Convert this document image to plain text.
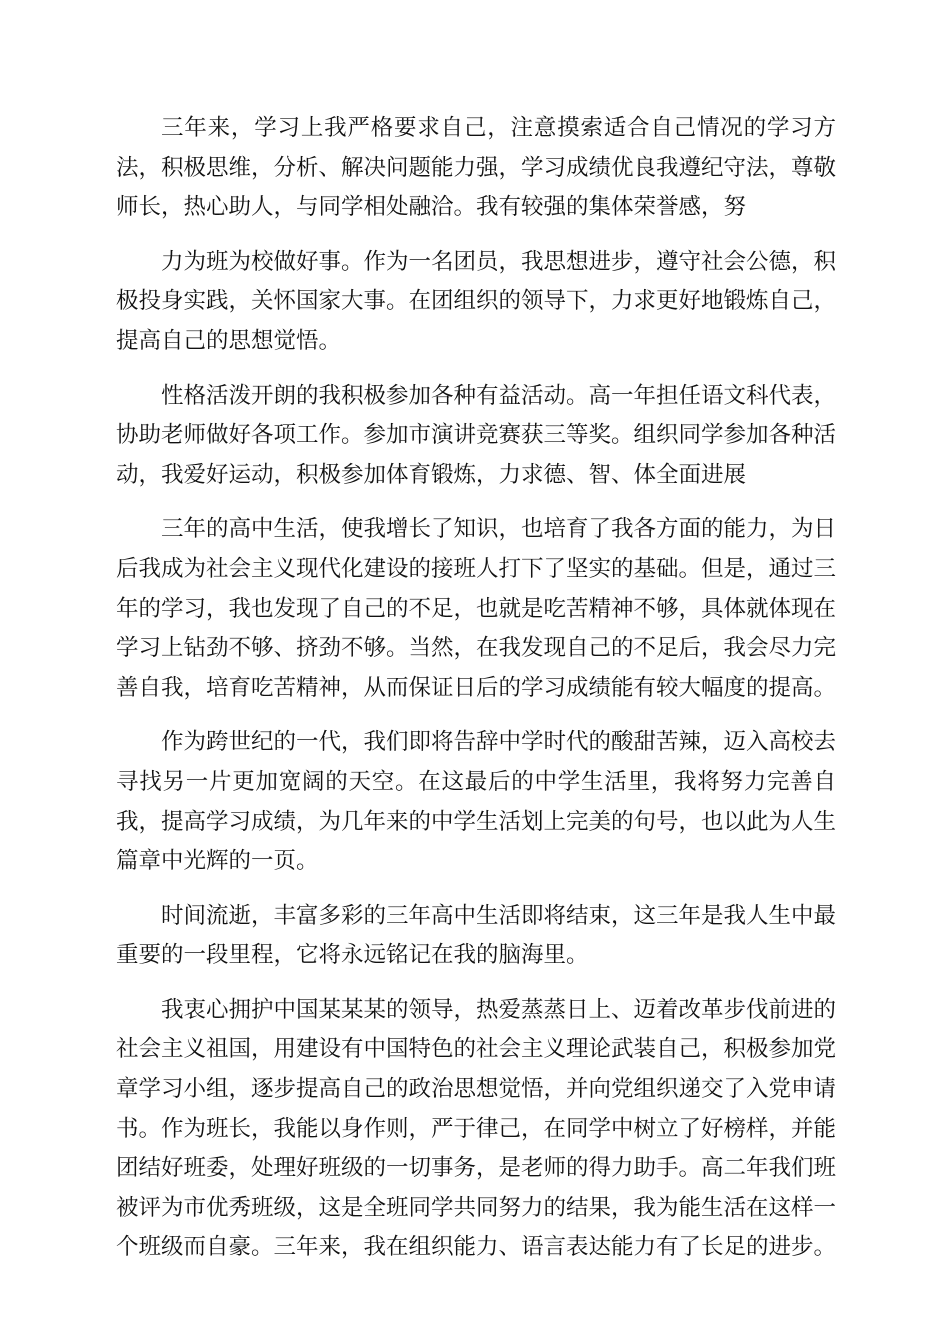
三年来，学习上我严格要求自己，注意摸索适合自己情况的学习方法，积极思维，分析、解决问题能力强，学习成绩优良我遵纪守法，尊敬师长，热心助人，与同学相处融洽。我有较强的集体荣誉感，努

力为班为校做好事。作为一名团员，我思想进步，遵守社会公德，积极投身实践，关怀国家大事。在团组织的领导下，力求更好地锻炼自己，提高自己的思想觉悟。

性格活泼开朗的我积极参加各种有益活动。高一年担任语文科代表，协助老师做好各项工作。参加市演讲竞赛获三等奖。组织同学参加各种活动，我爱好运动，积极参加体育锻炼，力求德、智、体全面进展

三年的高中生活，使我增长了知识，也培育了我各方面的能力，为日后我成为社会主义现代化建设的接班人打下了坚实的基础。但是，通过三年的学习，我也发现了自己的不足，也就是吃苦精神不够，具体就体现在学习上钻劲不够、挤劲不够。当然，在我发现自己的不足后，我会尽力完善自我，培育吃苦精神，从而保证日后的学习成绩能有较大幅度的提高。

作为跨世纪的一代，我们即将告辞中学时代的酸甜苦辣，迈入高校去寻找另一片更加宽阔的天空。在这最后的中学生活里，我将努力完善自我，提高学习成绩，为几年来的中学生活划上完美的句号，也以此为人生篇章中光辉的一页。

时间流逝，丰富多彩的三年高中生活即将结束，这三年是我人生中最重要的一段里程，它将永远铭记在我的脑海里。

我衷心拥护中国某某某的领导，热爱蒸蒸日上、迈着改革步伐前进的社会主义祖国，用建设有中国特色的社会主义理论武装自己，积极参加党章学习小组，逐步提高自己的政治思想觉悟，并向党组织递交了入党申请书。作为班长，我能以身作则，严于律己，在同学中树立了好榜样，并能团结好班委，处理好班级的一切事务，是老师的得力助手。高二年我们班被评为市优秀班级，这是全班同学共同努力的结果，我为能生活在这样一个班级而自豪。三年来，我在组织能力、语言表达能力有了长足的进步。
